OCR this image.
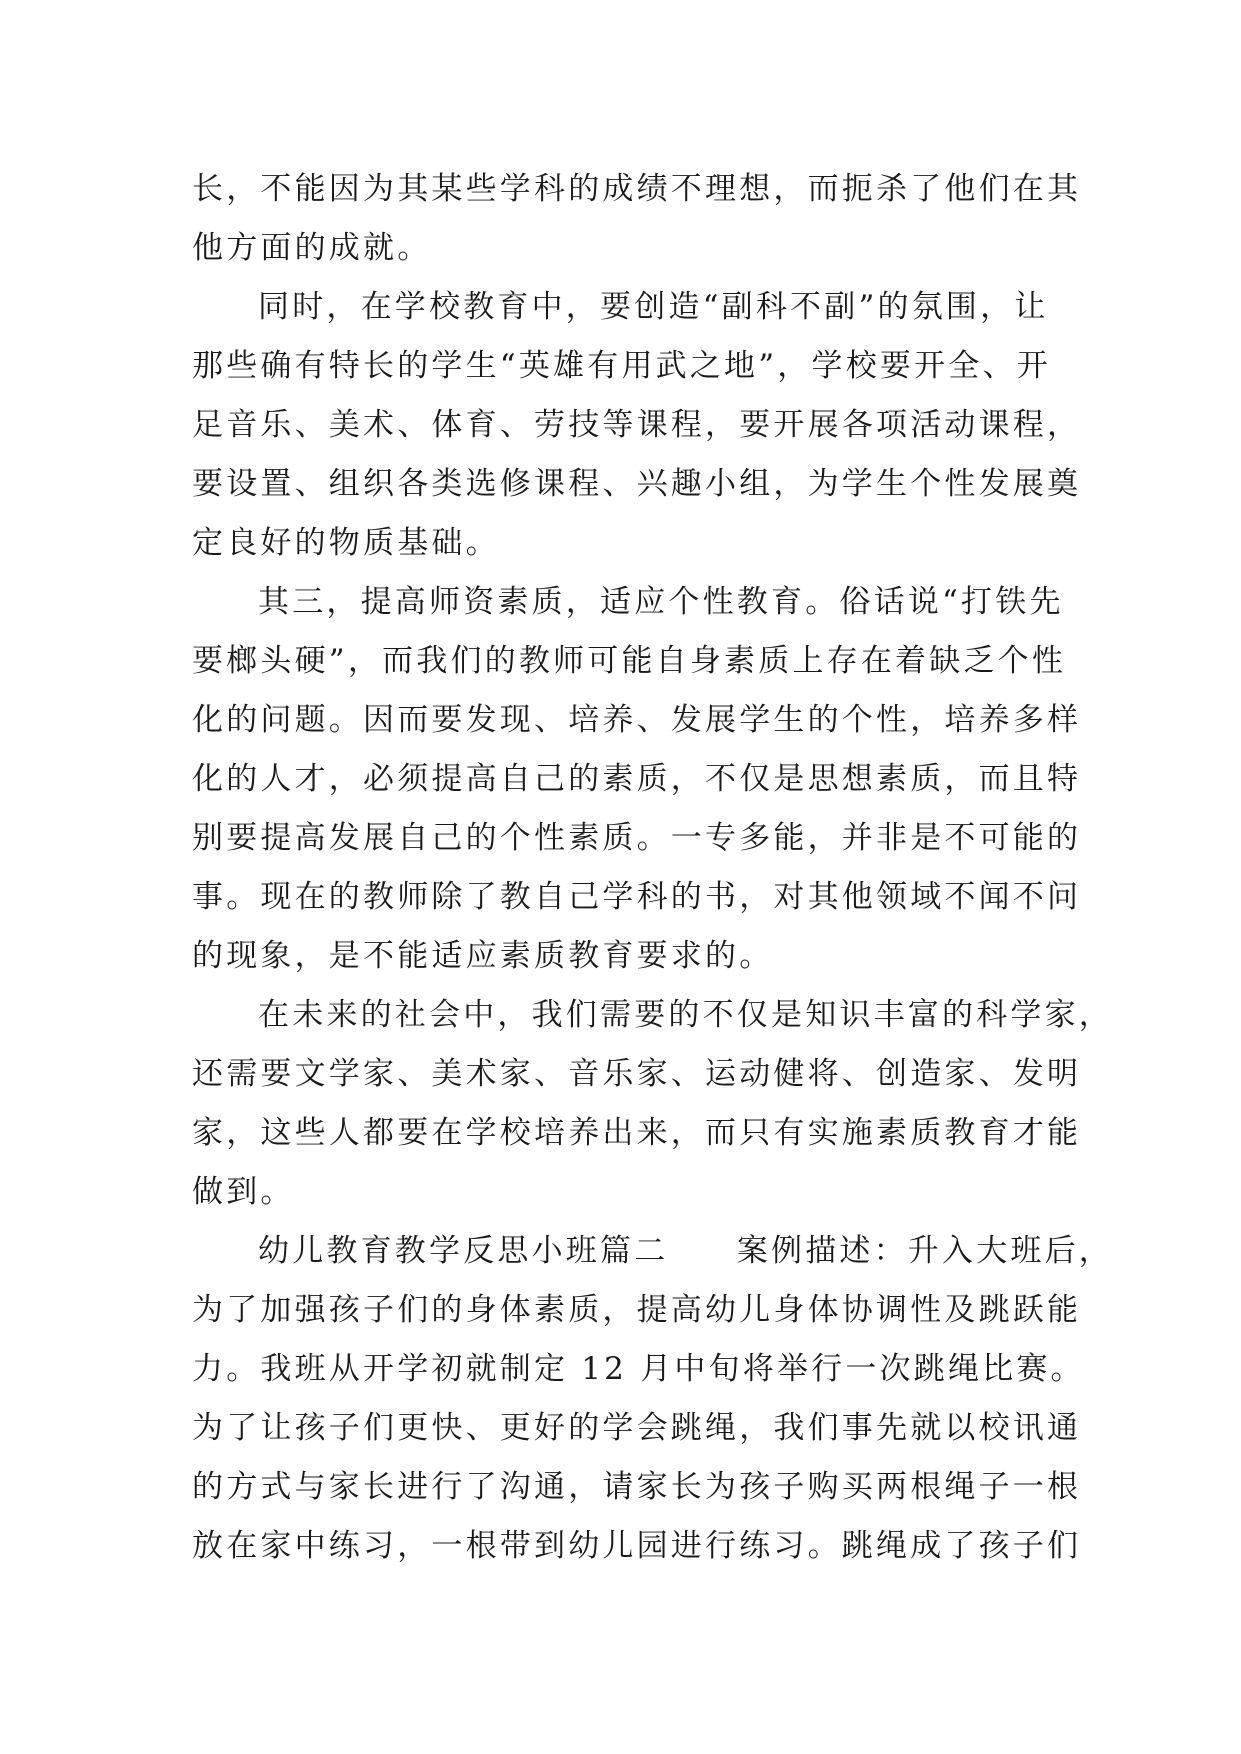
长，不能因为其某些学科的成绩不理想，而扼杀了他们在其
他方面的成就。
同时，在学校教育中，要创造“副科不副”的氛围，让
那些确有特长的学生“英雄有用武之地”，学校要开全、开
足音乐、美术、体育、劳技等课程，要开展各项活动课程，
要设置、组织各类选修课程、兴趣小组，为学生个性发展奠
定良好的物质基础。
其三，提高师资素质，适应个性教育。俗话说“打铁先
要榔头硬”，而我们的教师可能自身素质上存在着缺乏个性
化的问题。因而要发现、培养、发展学生的个性，培养多样
化的人才，必须提高自己的素质，不仅是思想素质，而且特
别要提高发展自己的个性素质。一专多能，并非是不可能的
事。现在的教师除了教自己学科的书，对其他领域不闻不问
的现象，是不能适应素质教育要求的。
在未来的社会中，我们需要的不仅是知识丰富的科学家，
还需要文学家、美术家、音乐家、运动健将、创造家、发明
家，这些人都要在学校培养出来，而只有实施素质教育才能
做到。
幼儿教育教学反思小班篇二　　案例描述：升入大班后，
为了加强孩子们的身体素质，提高幼儿身体协调性及跳跃能
力。我班从开学初就制定 12 月中旬将举行一次跳绳比赛。
为了让孩子们更快、更好的学会跳绳，我们事先就以校讯通
的方式与家长进行了沟通，请家长为孩子购买两根绳子一根
放在家中练习，一根带到幼儿园进行练习。跳绳成了孩子们
